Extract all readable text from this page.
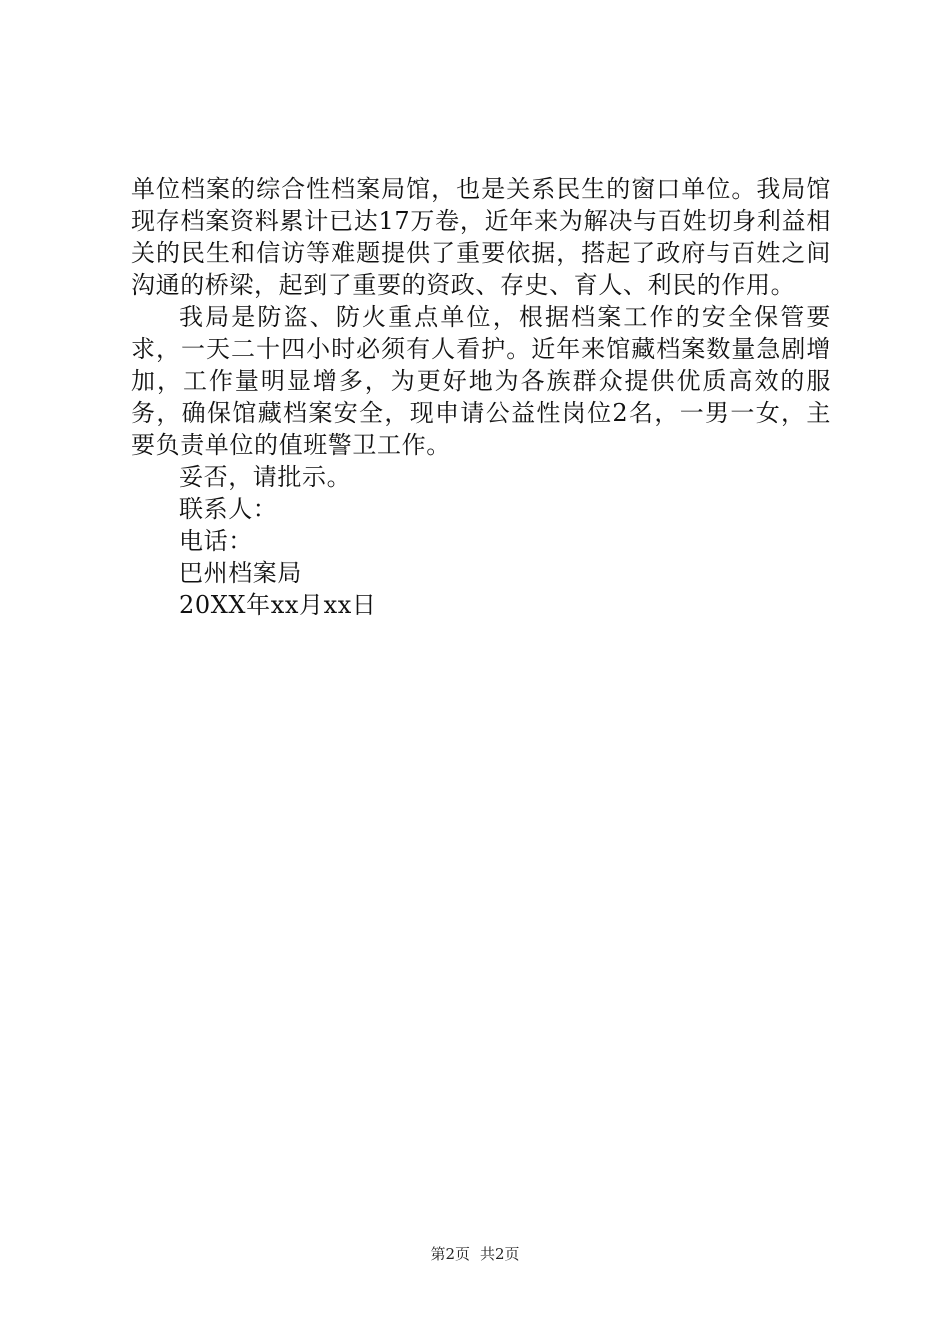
单位档案的综合性档案局馆，也是关系民生的窗口单位。我局馆现存档案资料累计已达17万卷，近年来为解决与百姓切身利益相关的民生和信访等难题提供了重要依据，搭起了政府与百姓之间沟通的桥梁，起到了重要的资政、存史、育人、利民的作用。

我局是防盗、防火重点单位，根据档案工作的安全保管要求，一天二十四小时必须有人看护。近年来馆藏档案数量急剧增加，工作量明显增多，为更好地为各族群众提供优质高效的服务，确保馆藏档案安全，现申请公益性岗位2名，一男一女，主要负责单位的值班警卫工作。

妥否，请批示。

联系人：

电话：

巴州档案局

20XX年xx月xx日

第2页 共2页
